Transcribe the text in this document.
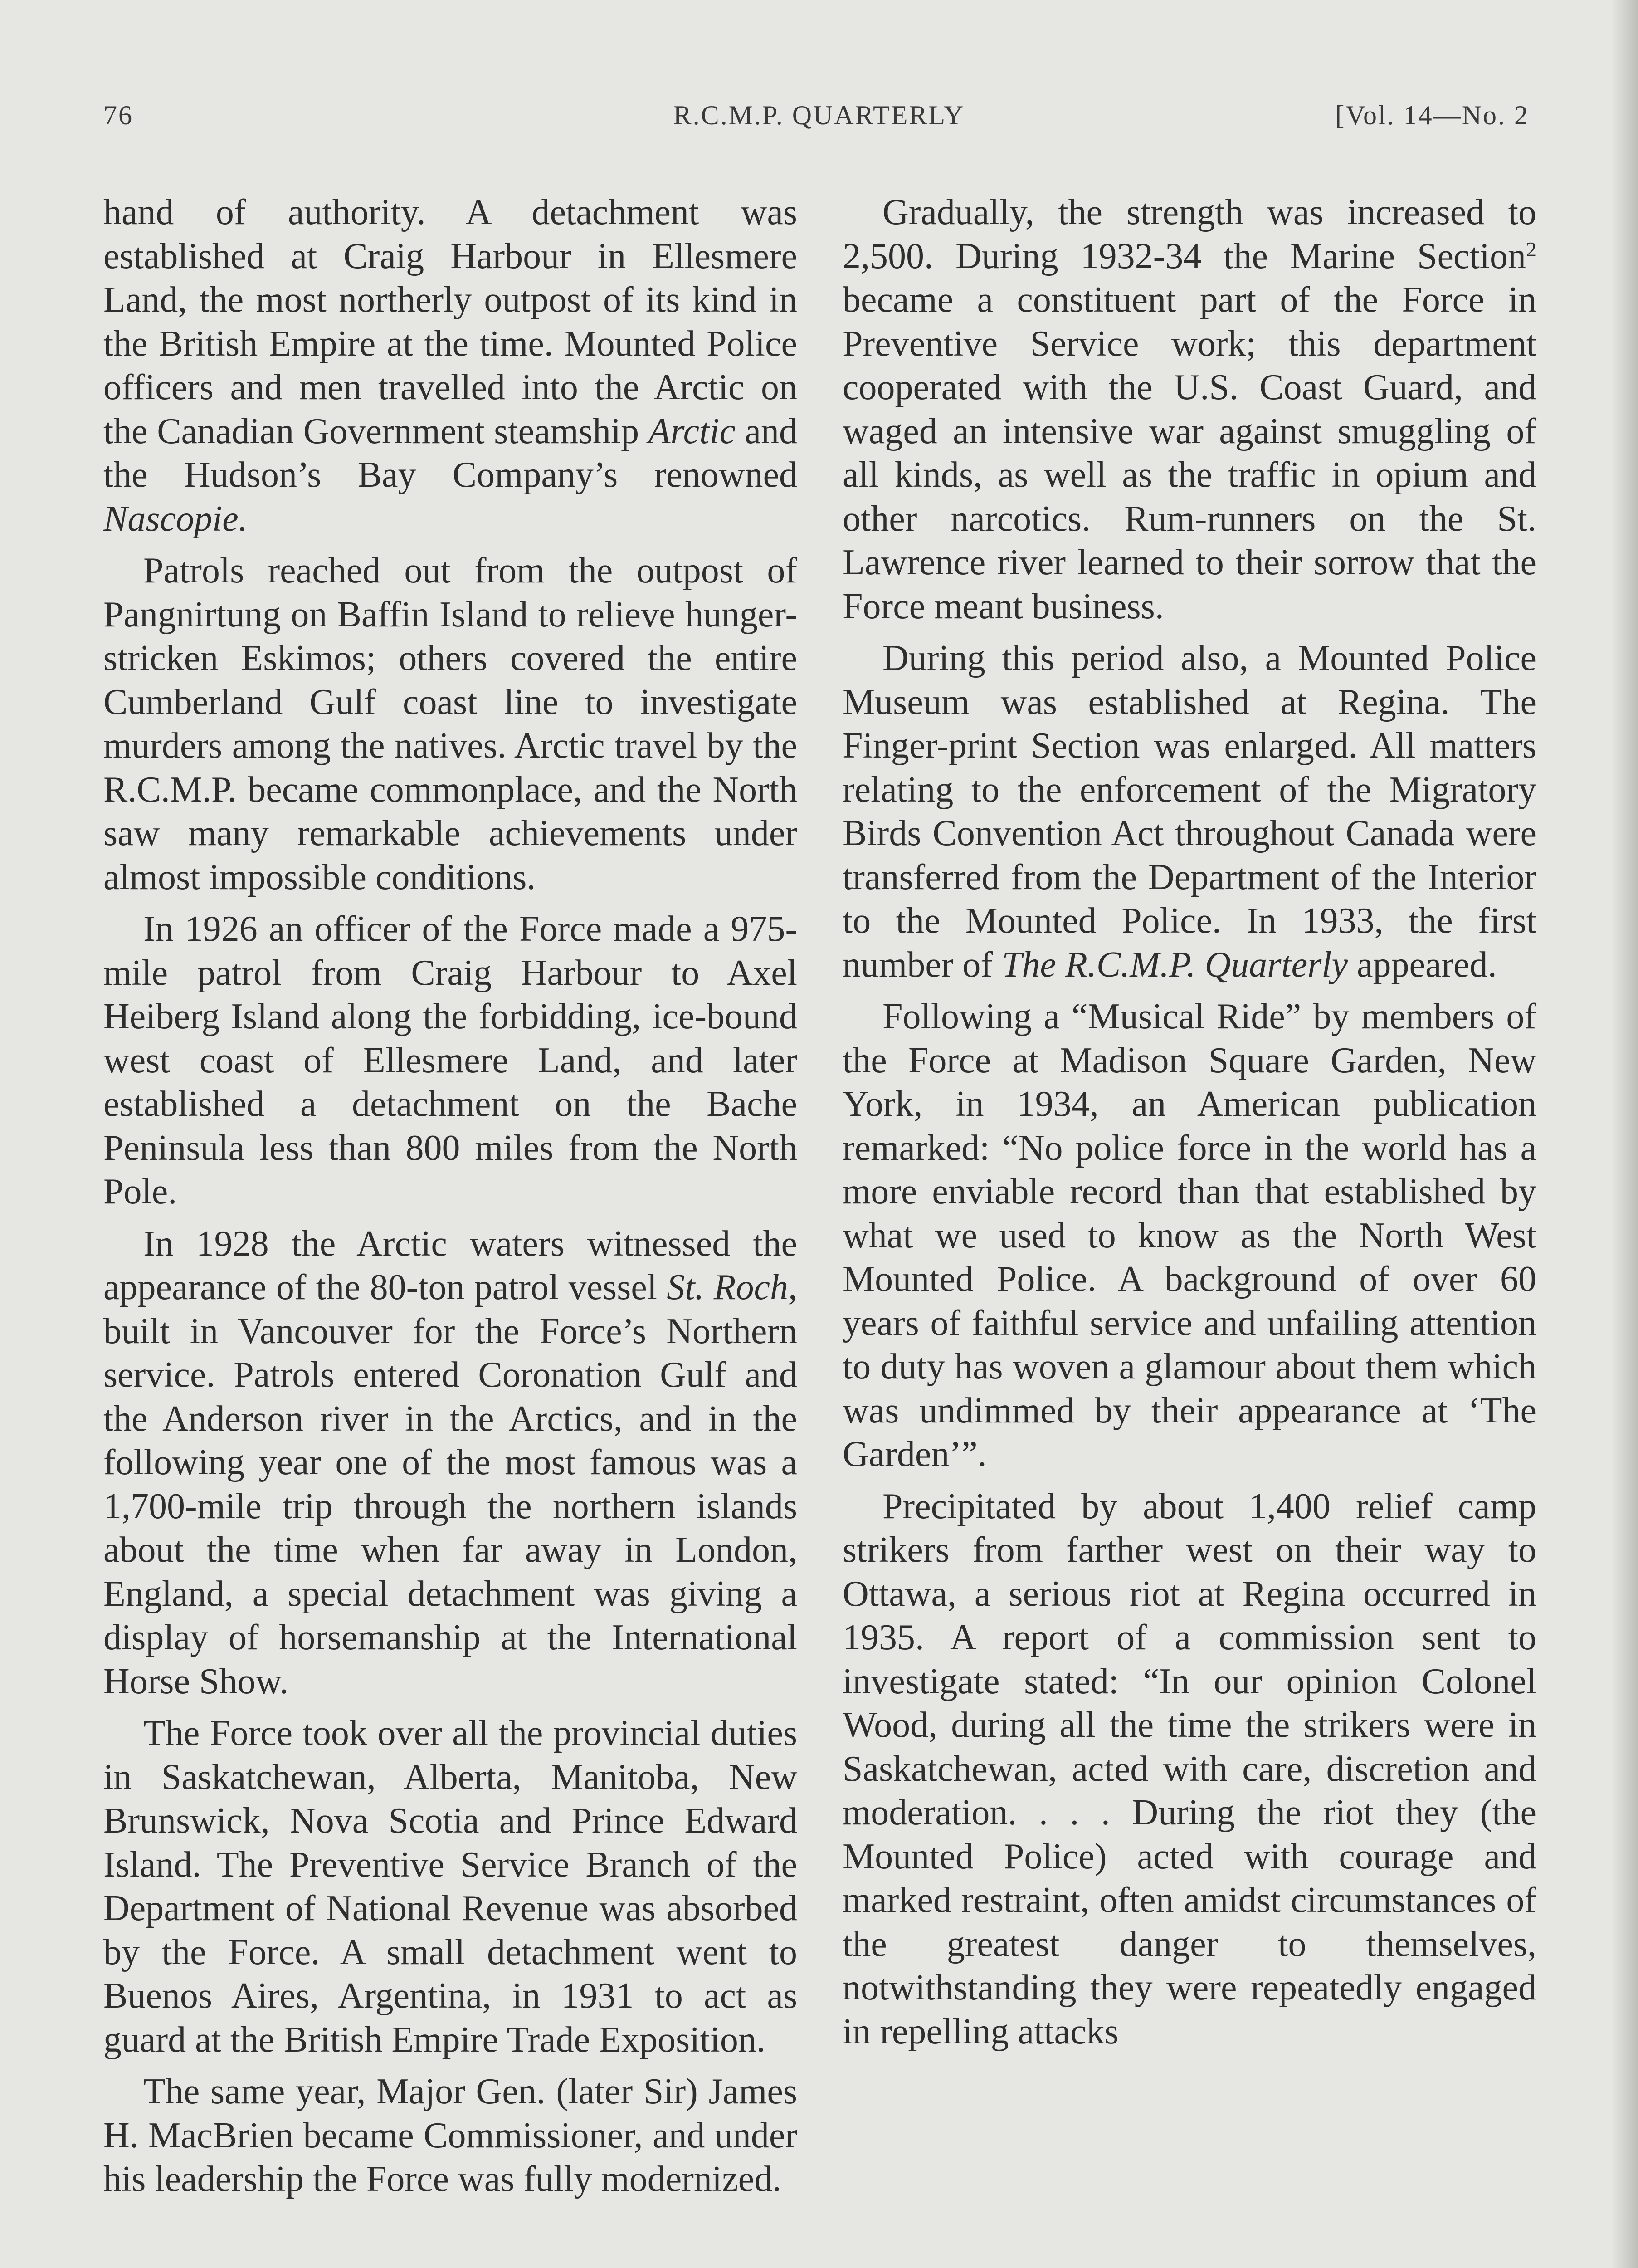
76	R.C.M.P. QUARTERLY	[Vol. 14—No. 2

hand of authority. A detachment was established at Craig Harbour in Ellesmere Land, the most northerly outpost of its kind in the British Empire at the time. Mounted Police officers and men travelled into the Arctic on the Canadian Government steamship Arctic and the Hudson’s Bay Company’s renowned Nascopie.

Patrols reached out from the outpost of Pangnirtung on Baffin Island to relieve hunger-stricken Eskimos; others covered the entire Cumberland Gulf coast line to investigate murders among the natives. Arctic travel by the R.C.M.P. became commonplace, and the North saw many remarkable achievements under almost impossible conditions.

In 1926 an officer of the Force made a 975-mile patrol from Craig Harbour to Axel Heiberg Island along the forbidding, ice-bound west coast of Ellesmere Land, and later established a detachment on the Bache Peninsula less than 800 miles from the North Pole.

In 1928 the Arctic waters witnessed the appearance of the 80-ton patrol vessel St. Roch, built in Vancouver for the Force’s Northern service. Patrols entered Coronation Gulf and the Anderson river in the Arctics, and in the following year one of the most famous was a 1,700-mile trip through the northern islands about the time when far away in London, England, a special detachment was giving a display of horsemanship at the International Horse Show.

The Force took over all the provincial duties in Saskatchewan, Alberta, Manitoba, New Brunswick, Nova Scotia and Prince Edward Island. The Preventive Service Branch of the Department of National Revenue was absorbed by the Force. A small detachment went to Buenos Aires, Argentina, in 1931 to act as guard at the British Empire Trade Exposition.

The same year, Major Gen. (later Sir) James H. MacBrien became Commissioner, and under his leadership the Force was fully modernized.

Gradually, the strength was increased to 2,500. During 1932-34 the Marine Section$^2$ became a constituent part of the Force in Preventive Service work; this department cooperated with the U.S. Coast Guard, and waged an intensive war against smuggling of all kinds, as well as the traffic in opium and other narcotics. Rum-runners on the St. Lawrence river learned to their sorrow that the Force meant business.

During this period also, a Mounted Police Museum was established at Regina. The Finger-print Section was enlarged. All matters relating to the enforcement of the Migratory Birds Convention Act throughout Canada were transferred from the Department of the Interior to the Mounted Police. In 1933, the first number of The R.C.M.P. Quarterly appeared.

Following a “Musical Ride” by members of the Force at Madison Square Garden, New York, in 1934, an American publication remarked: “No police force in the world has a more enviable record than that established by what we used to know as the North West Mounted Police. A background of over 60 years of faithful service and unfailing attention to duty has woven a glamour about them which was undimmed by their appearance at ‘The Garden’”.

Precipitated by about 1,400 relief camp strikers from farther west on their way to Ottawa, a serious riot at Regina occurred in 1935. A report of a commission sent to investigate stated: “In our opinion Colonel Wood, during all the time the strikers were in Saskatchewan, acted with care, discretion and moderation. . . . During the riot they (the Mounted Police) acted with courage and marked restraint, often amidst circumstances of the greatest danger to themselves, notwithstanding they were repeatedly engaged in repelling attacks
